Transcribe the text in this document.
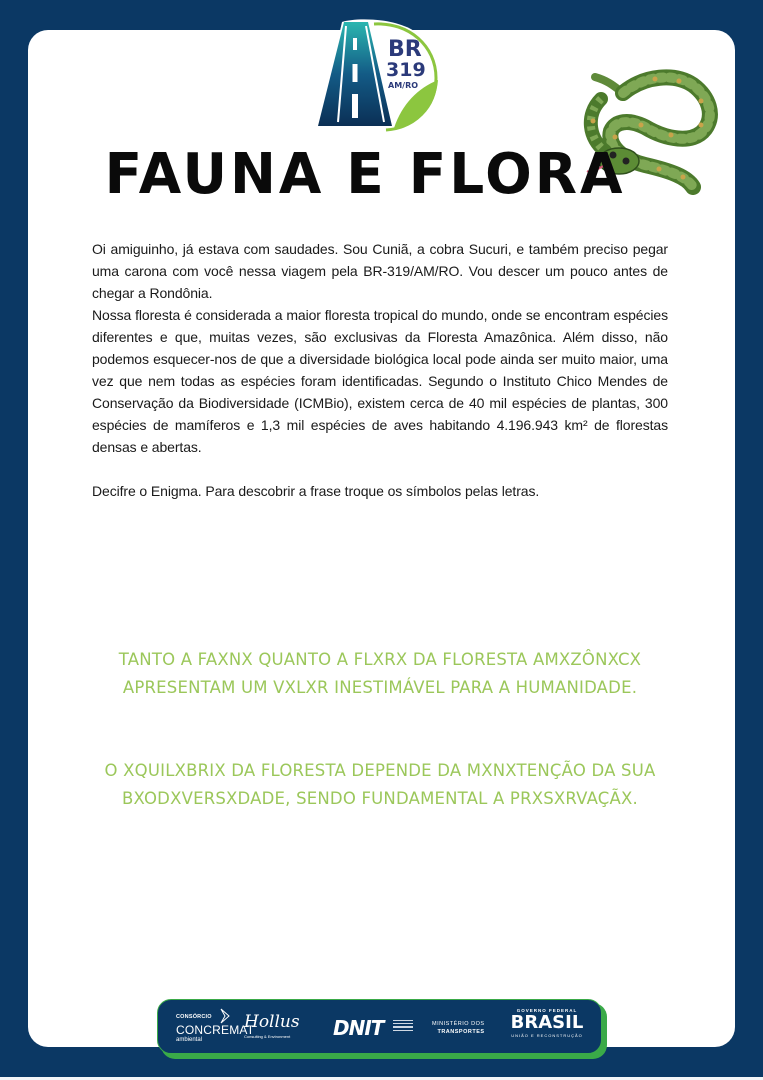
BR
319
AM/RO
FAUNA E FLORA

Oi amiguinho, já estava com saudades. Sou Cuniã, a cobra Sucuri, e também preciso pegar uma carona com você nessa viagem pela BR-319/AM/RO. Vou descer um pouco antes de chegar a Rondônia.

Nossa floresta é considerada a maior floresta tropical do mundo, onde se encontram espécies diferentes e que, muitas vezes, são exclusivas da Floresta Amazônica. Além disso, não podemos esquecer-nos de que a diversidade biológica local pode ainda ser muito maior, uma vez que nem todas as espécies foram identificadas. Segundo o Instituto Chico Mendes de Conservação da Biodiversidade (ICMBio), existem cerca de 40 mil espécies de plantas, 300 espécies de mamíferos e 1,3 mil espécies de aves habitando 4.196.943 km² de florestas densas e abertas.

Decifre o Enigma. Para descobrir a frase troque os símbolos pelas letras.

TANTO A FAXNX QUANTO A FLXRX DA FLORESTA AMXZÔNXCX

APRESENTAM UM VXLXR INESTIMÁVEL PARA A HUMANIDADE.

O XQUILXBRIX DA FLORESTA DEPENDE DA MXNXTENÇÃO DA SUA

BXODXVERSXDADE, SENDO FUNDAMENTAL A PRXSXRVAÇÃX.

CONSÓRCIO
CONCREMAT
ambiental
Hollus
Consulting & Environment	DNIT	MINISTÉRIO DOS
TRANSPORTES
GOVERNO FEDERAL
BRASIL
UNIÃO E RECONSTRUÇÃO
